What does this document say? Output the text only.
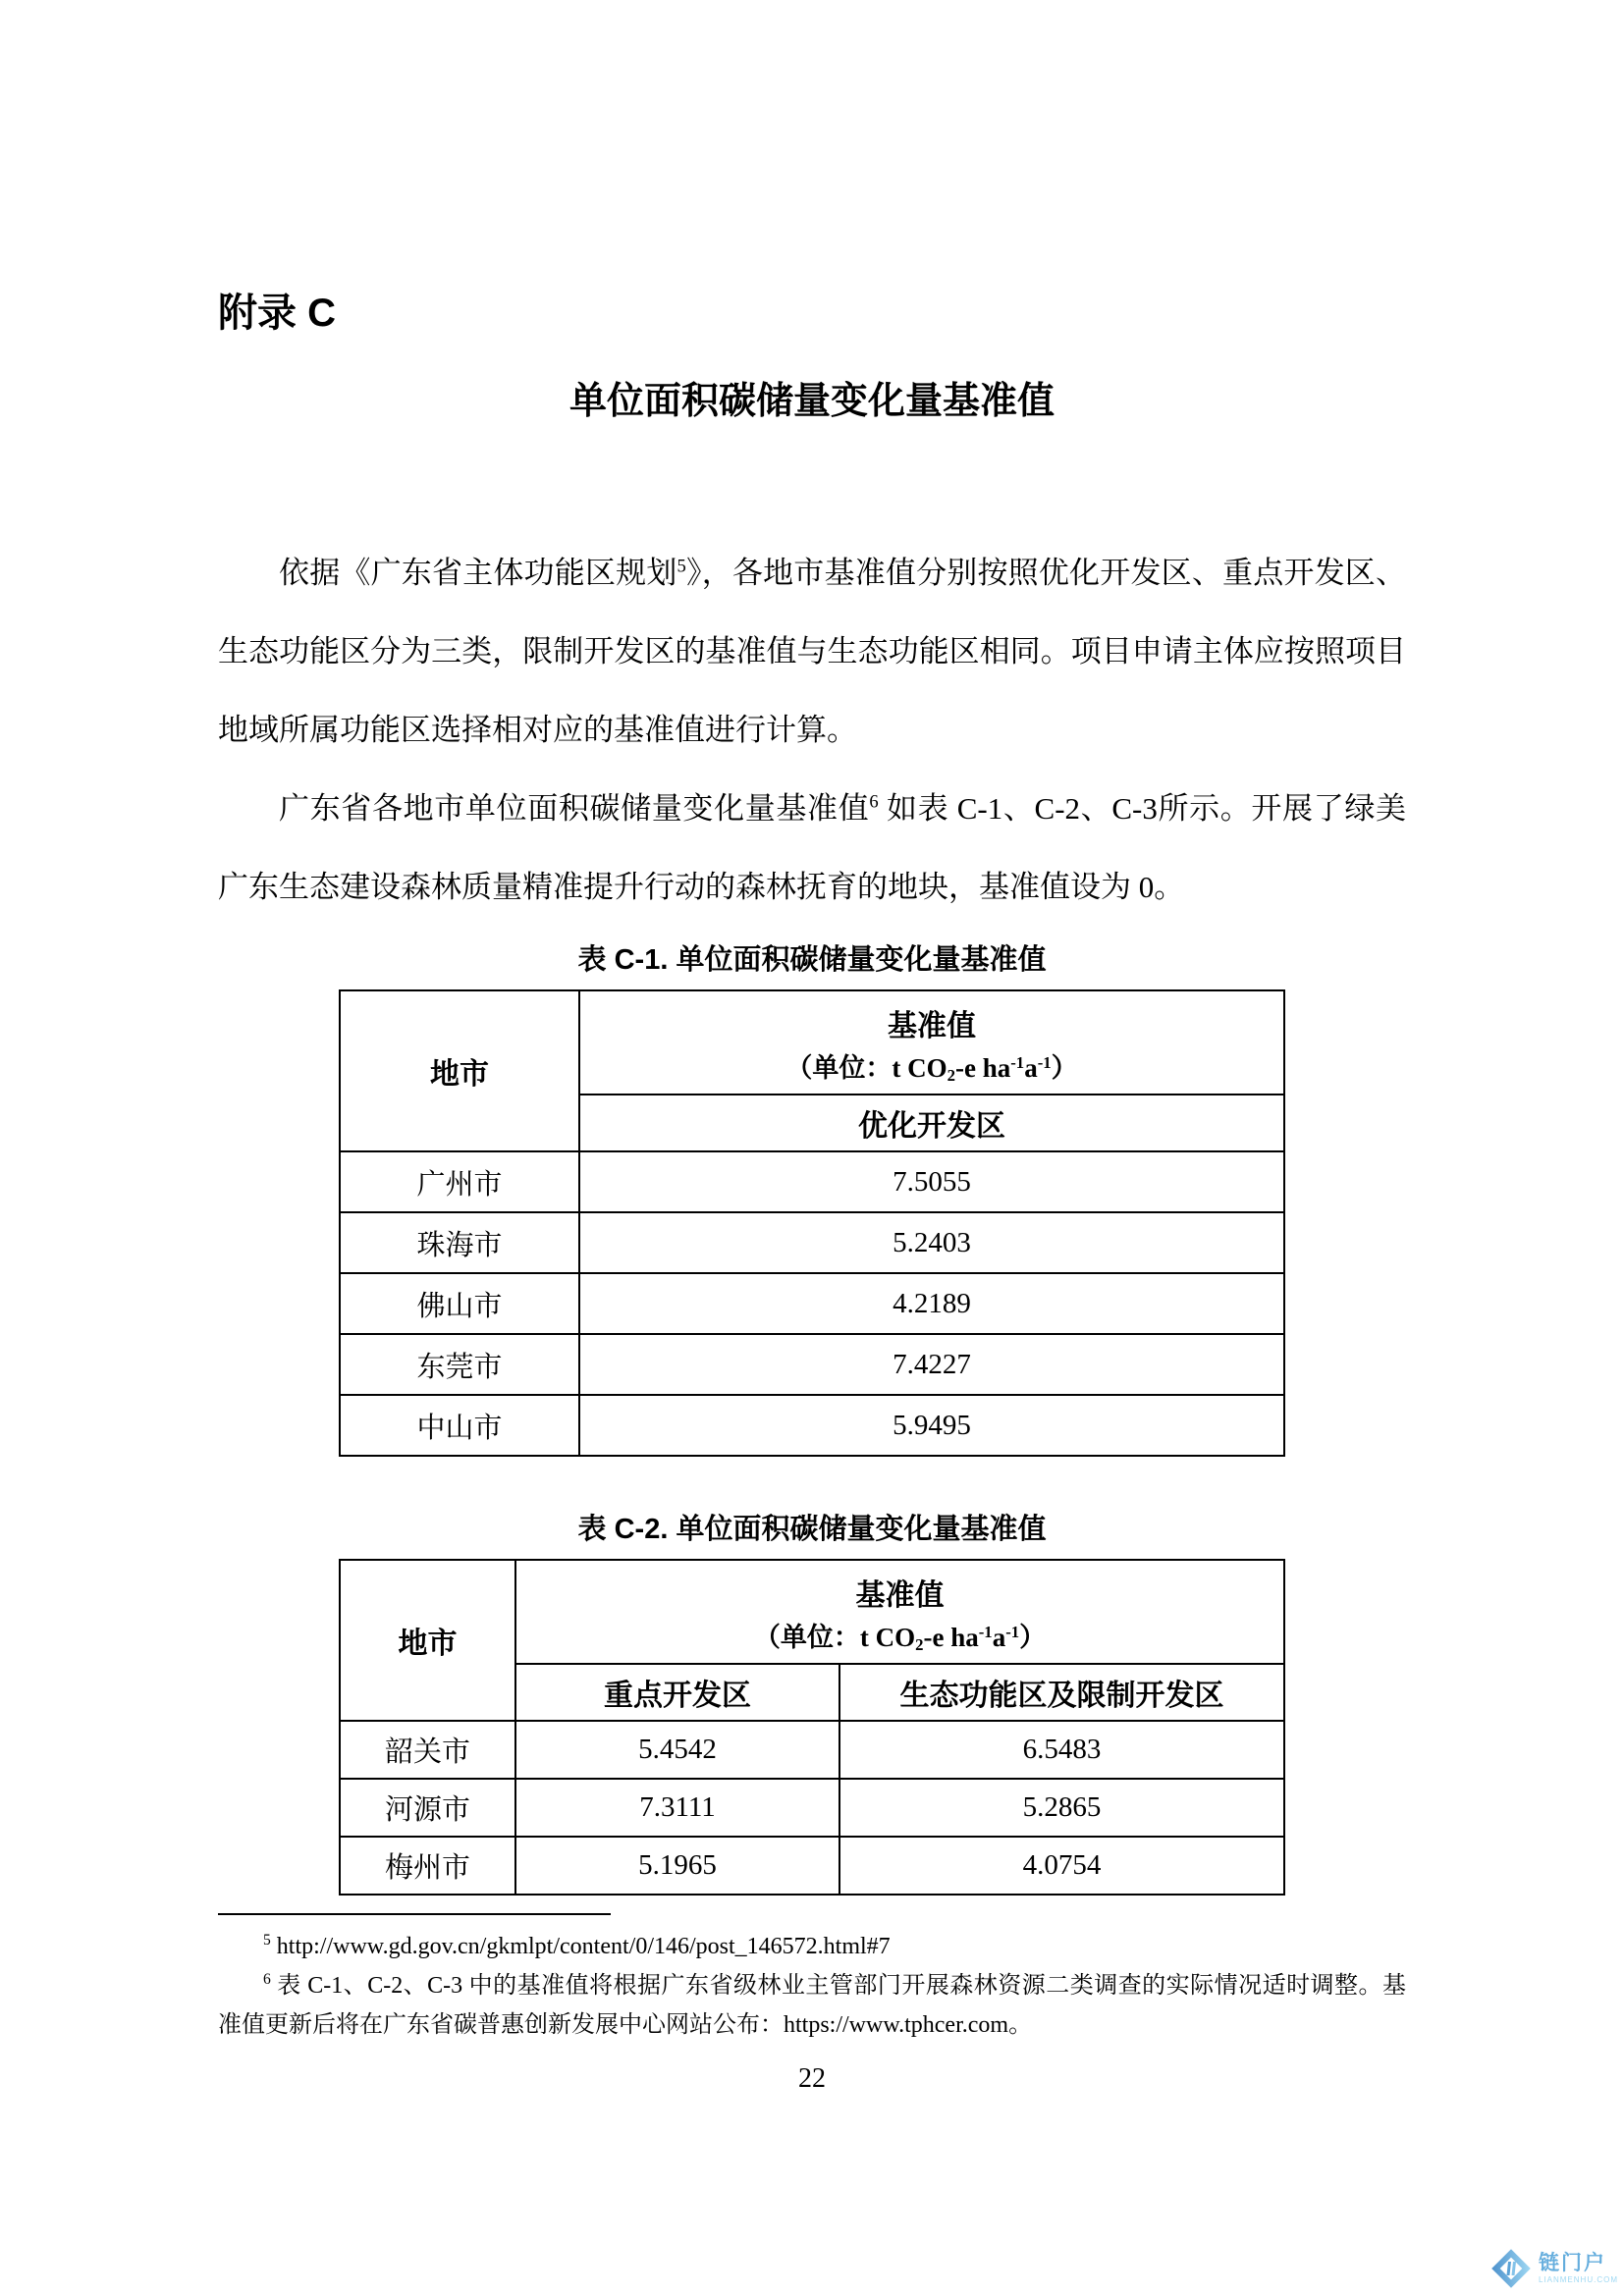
附录 C
单位面积碳储量变化量基准值

依据《广东省主体功能区规划$^5$》，各地市基准值分别按照优化开发区、重点开发区、生态功能区分为三类，限制开发区的基准值与生态功能区相同。项目申请主体应按照项目地域所属功能区选择相对应的基准值进行计算。

广东省各地市单位面积碳储量变化量基准值$^6$ 如表 C-1、C-2、C-3所示。开展了绿美广东生态建设森林质量精准提升行动的森林抚育的地块，基准值设为 0。

表 C-1. 单位面积碳储量变化量基准值

地市	基准值
（单位：t $CO_2-e$ $ha^{-1}a^{-1}$）

	优化开发区
广州市	7.5055
珠海市	5.2403
佛山市	4.2189
东莞市	7.4227
中山市	5.9495

表 C-2. 单位面积碳储量变化量基准值

地市	基准值
（单位：t $CO_2-e$ $ha^{-1}a^{-1}$）	

	重点开发区	生态功能区及限制开发区
韶关市	5.4542	6.5483
河源市	7.3111	5.2865
梅州市	5.1965	4.0754

$^5$ http://www.gd.gov.cn/gkmlpt/content/0/146/post_146572.html#7

$^6$ 表 C-1、C-2、C-3 中的基准值将根据广东省级林业主管部门开展森林资源二类调查的实际情况适时调整。基准值更新后将在广东省碳普惠创新发展中心网站公布：https://www.tphcer.com。

22
链门户
LIANMENHU.COM
